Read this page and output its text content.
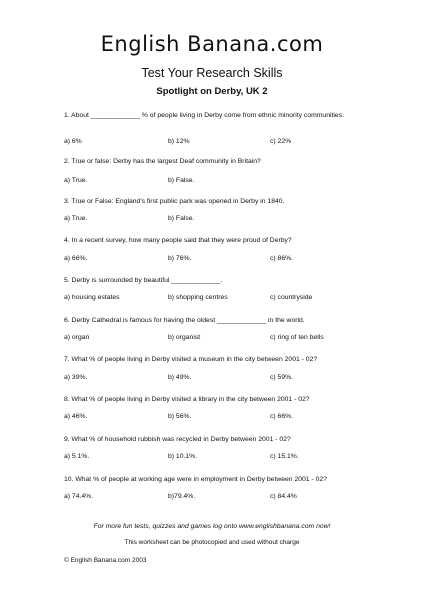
English Banana.com
Test Your Research Skills
Spotlight on Derby, UK 2
1. About _____________ % of people living in Derby come from ethnic minority communities.
a) 6%	b) 12%	c) 22%
2. True or false: Derby has the largest Deaf community in Britain?
a) True.	b) False.
3. True or False: England's first public park was opened in Derby in 1840.
a) True.	b) False.
4. In a recent survey, how many people said that they were proud of Derby?
a) 66%.	b) 76%.	c) 86%.
5. Derby is surrounded by beautiful _____________.
a) housing estates	b) shopping centres	c) countryside
6. Derby Cathedral is famous for having the oldest _____________ in the world.
a) organ	b) organist	c) ring of ten bells
7. What % of people living in Derby visited a museum in the city between 2001 - 02?
a) 39%.	b) 49%.	c) 59%.
8. What % of people living in Derby visited a library in the city between 2001 - 02?
a) 46%.	b) 56%.	c) 66%.
9. What % of household rubbish was recycled in Derby between 2001 - 02?
a) 5.1%.	b) 10.1%.	c) 15.1%.
10. What % of people at working age were in employment in Derby between 2001 - 02?
a) 74.4%.	b)79.4%.	c) 84.4%
For more fun tests, quizzes and games log onto www.englishbanana.com now!
This worksheet can be photocopied and used without charge
© English Banana.com 2003
